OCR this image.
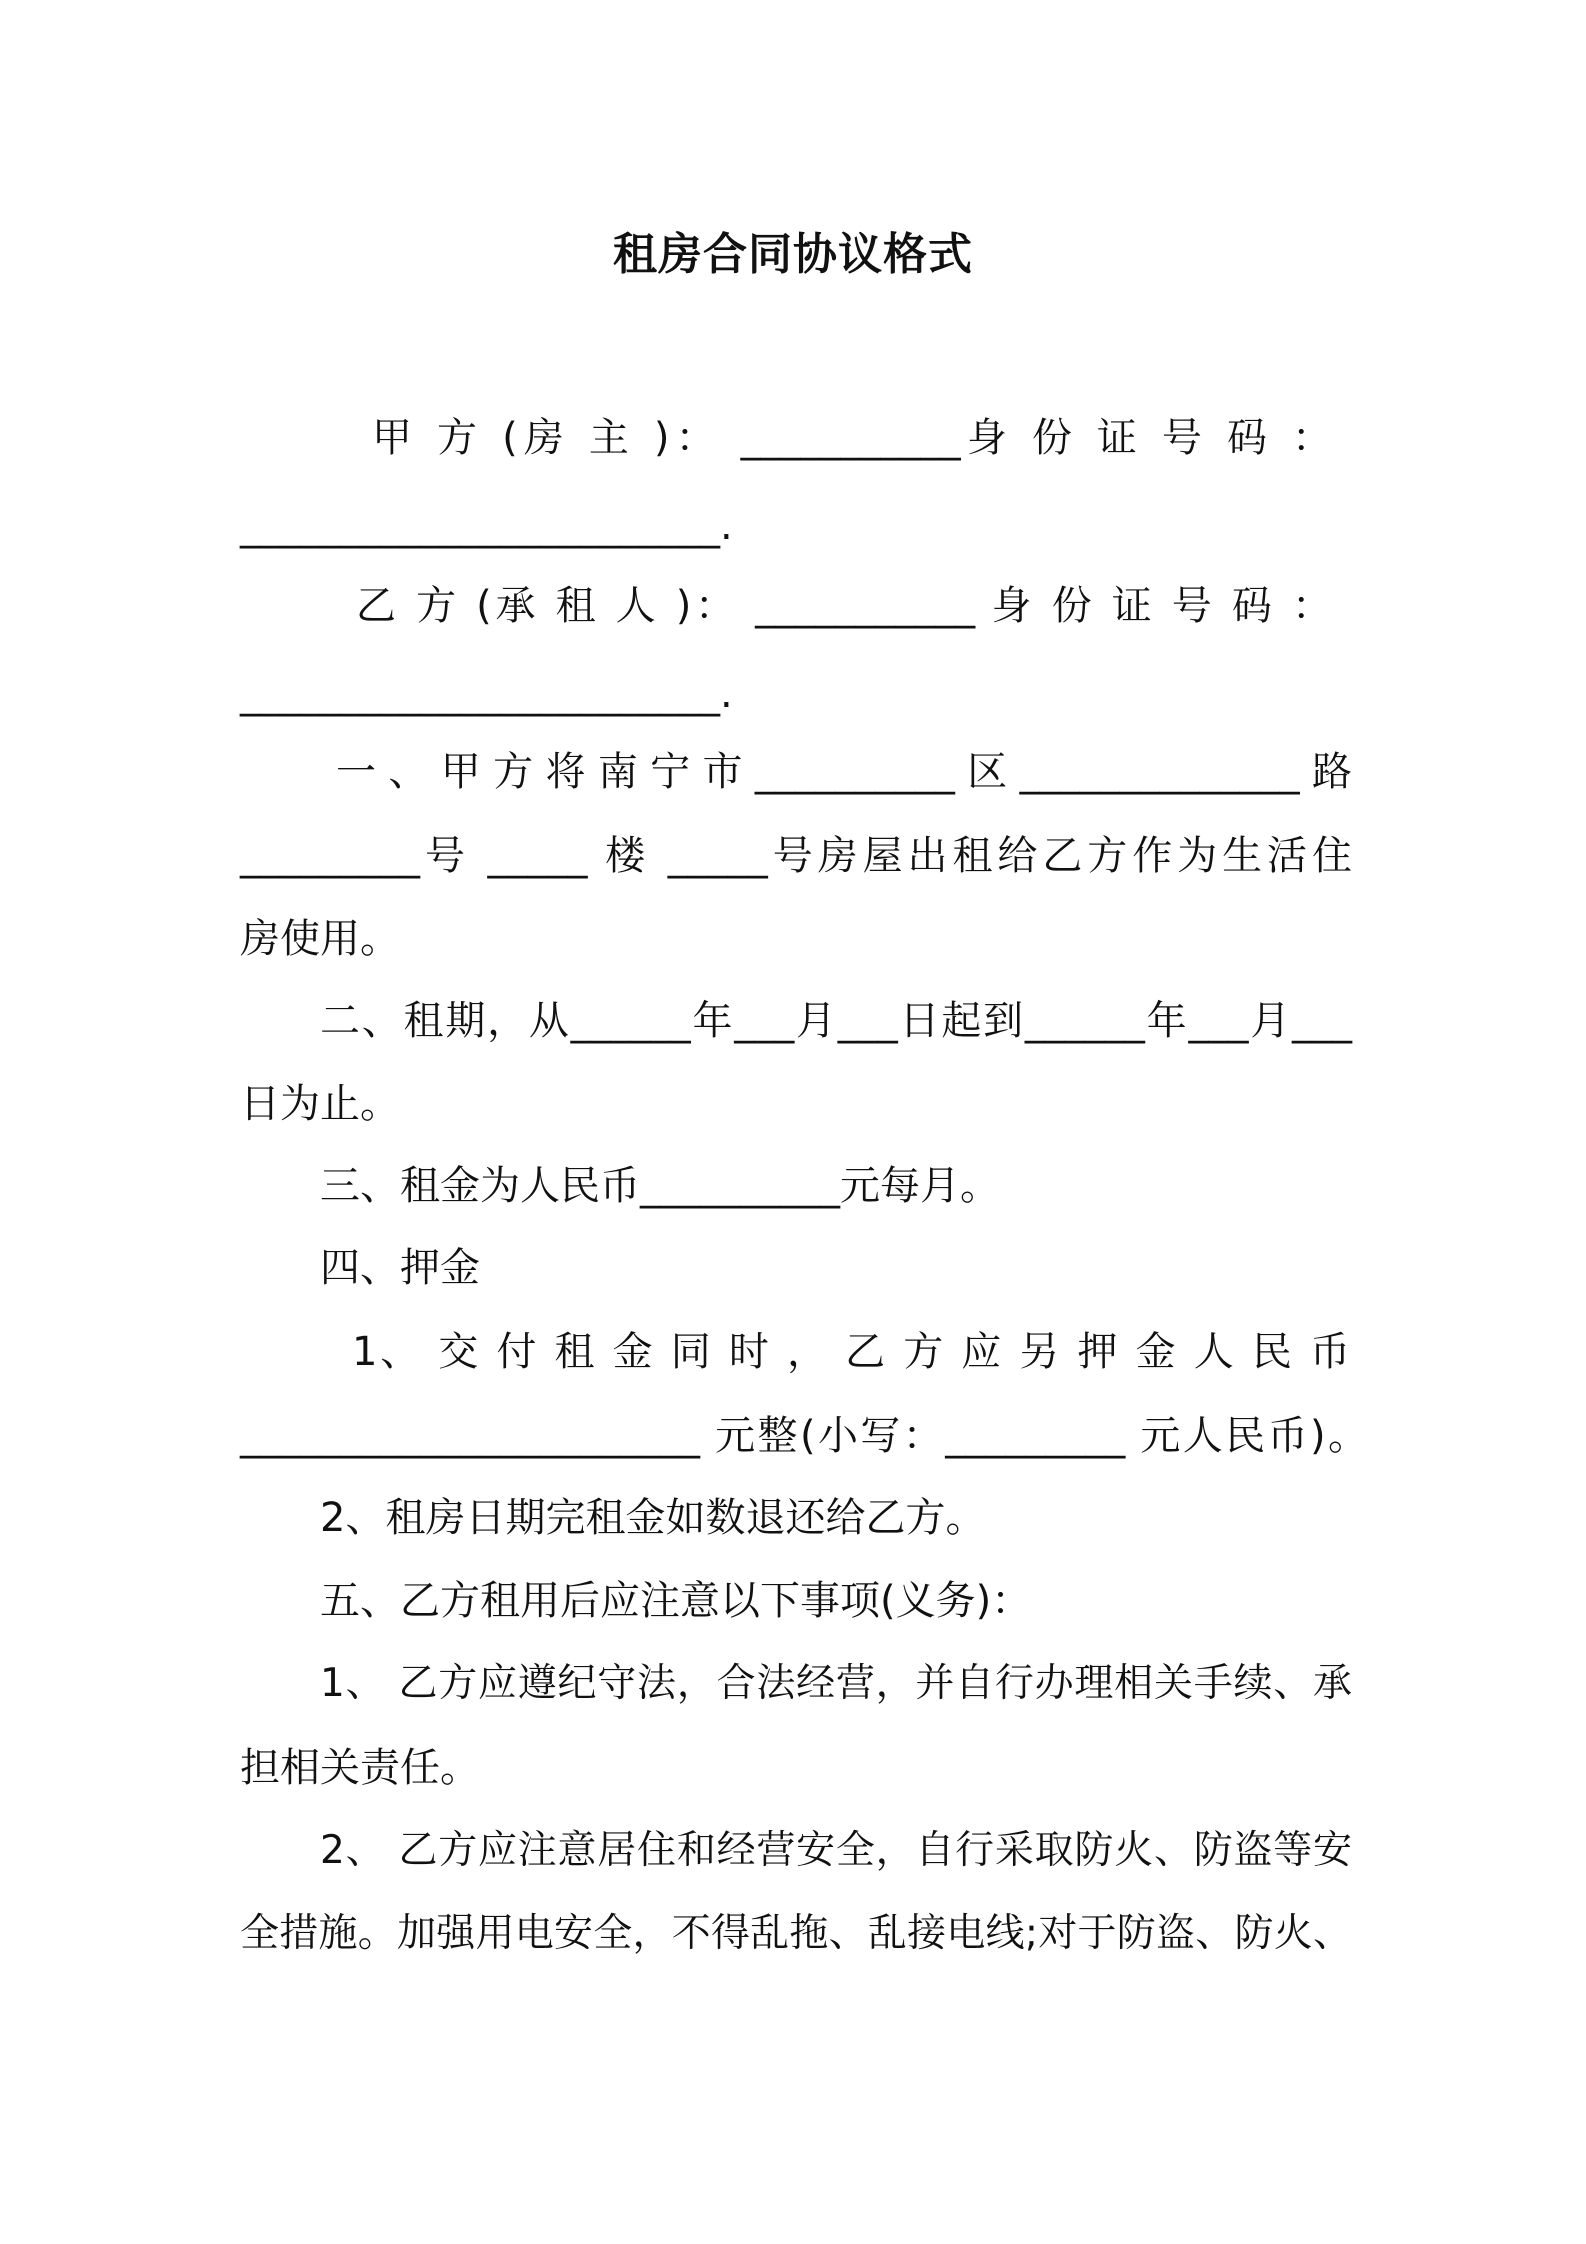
租房合同协议格式
甲 方 (房 主 )： ___________身 份 证 号 码 ：
________________________.
乙 方 (承 租 人 )： ___________ 身 份 证 号 码 ：
________________________.
一、甲方将南宁市__________区______________路
_________号 _____ 楼 _____号房屋出租给乙方作为生活住
房使用。
二、租期，从______年___月___日起到______年___月___
日为止。
三、租金为人民币__________元每月。
四、押金
1、 交 付 租 金 同 时 ， 乙 方 应 另 押 金 人 民 币
_______________________ 元整(小写：_________ 元人民币)。
2、租房日期完租金如数退还给乙方。
五、乙方租用后应注意以下事项(义务)：
1、 乙方应遵纪守法，合法经营，并自行办理相关手续、承
担相关责任。
2、 乙方应注意居住和经营安全，自行采取防火、防盗等安
全措施。加强用电安全，不得乱拖、乱接电线;对于防盗、防火、
